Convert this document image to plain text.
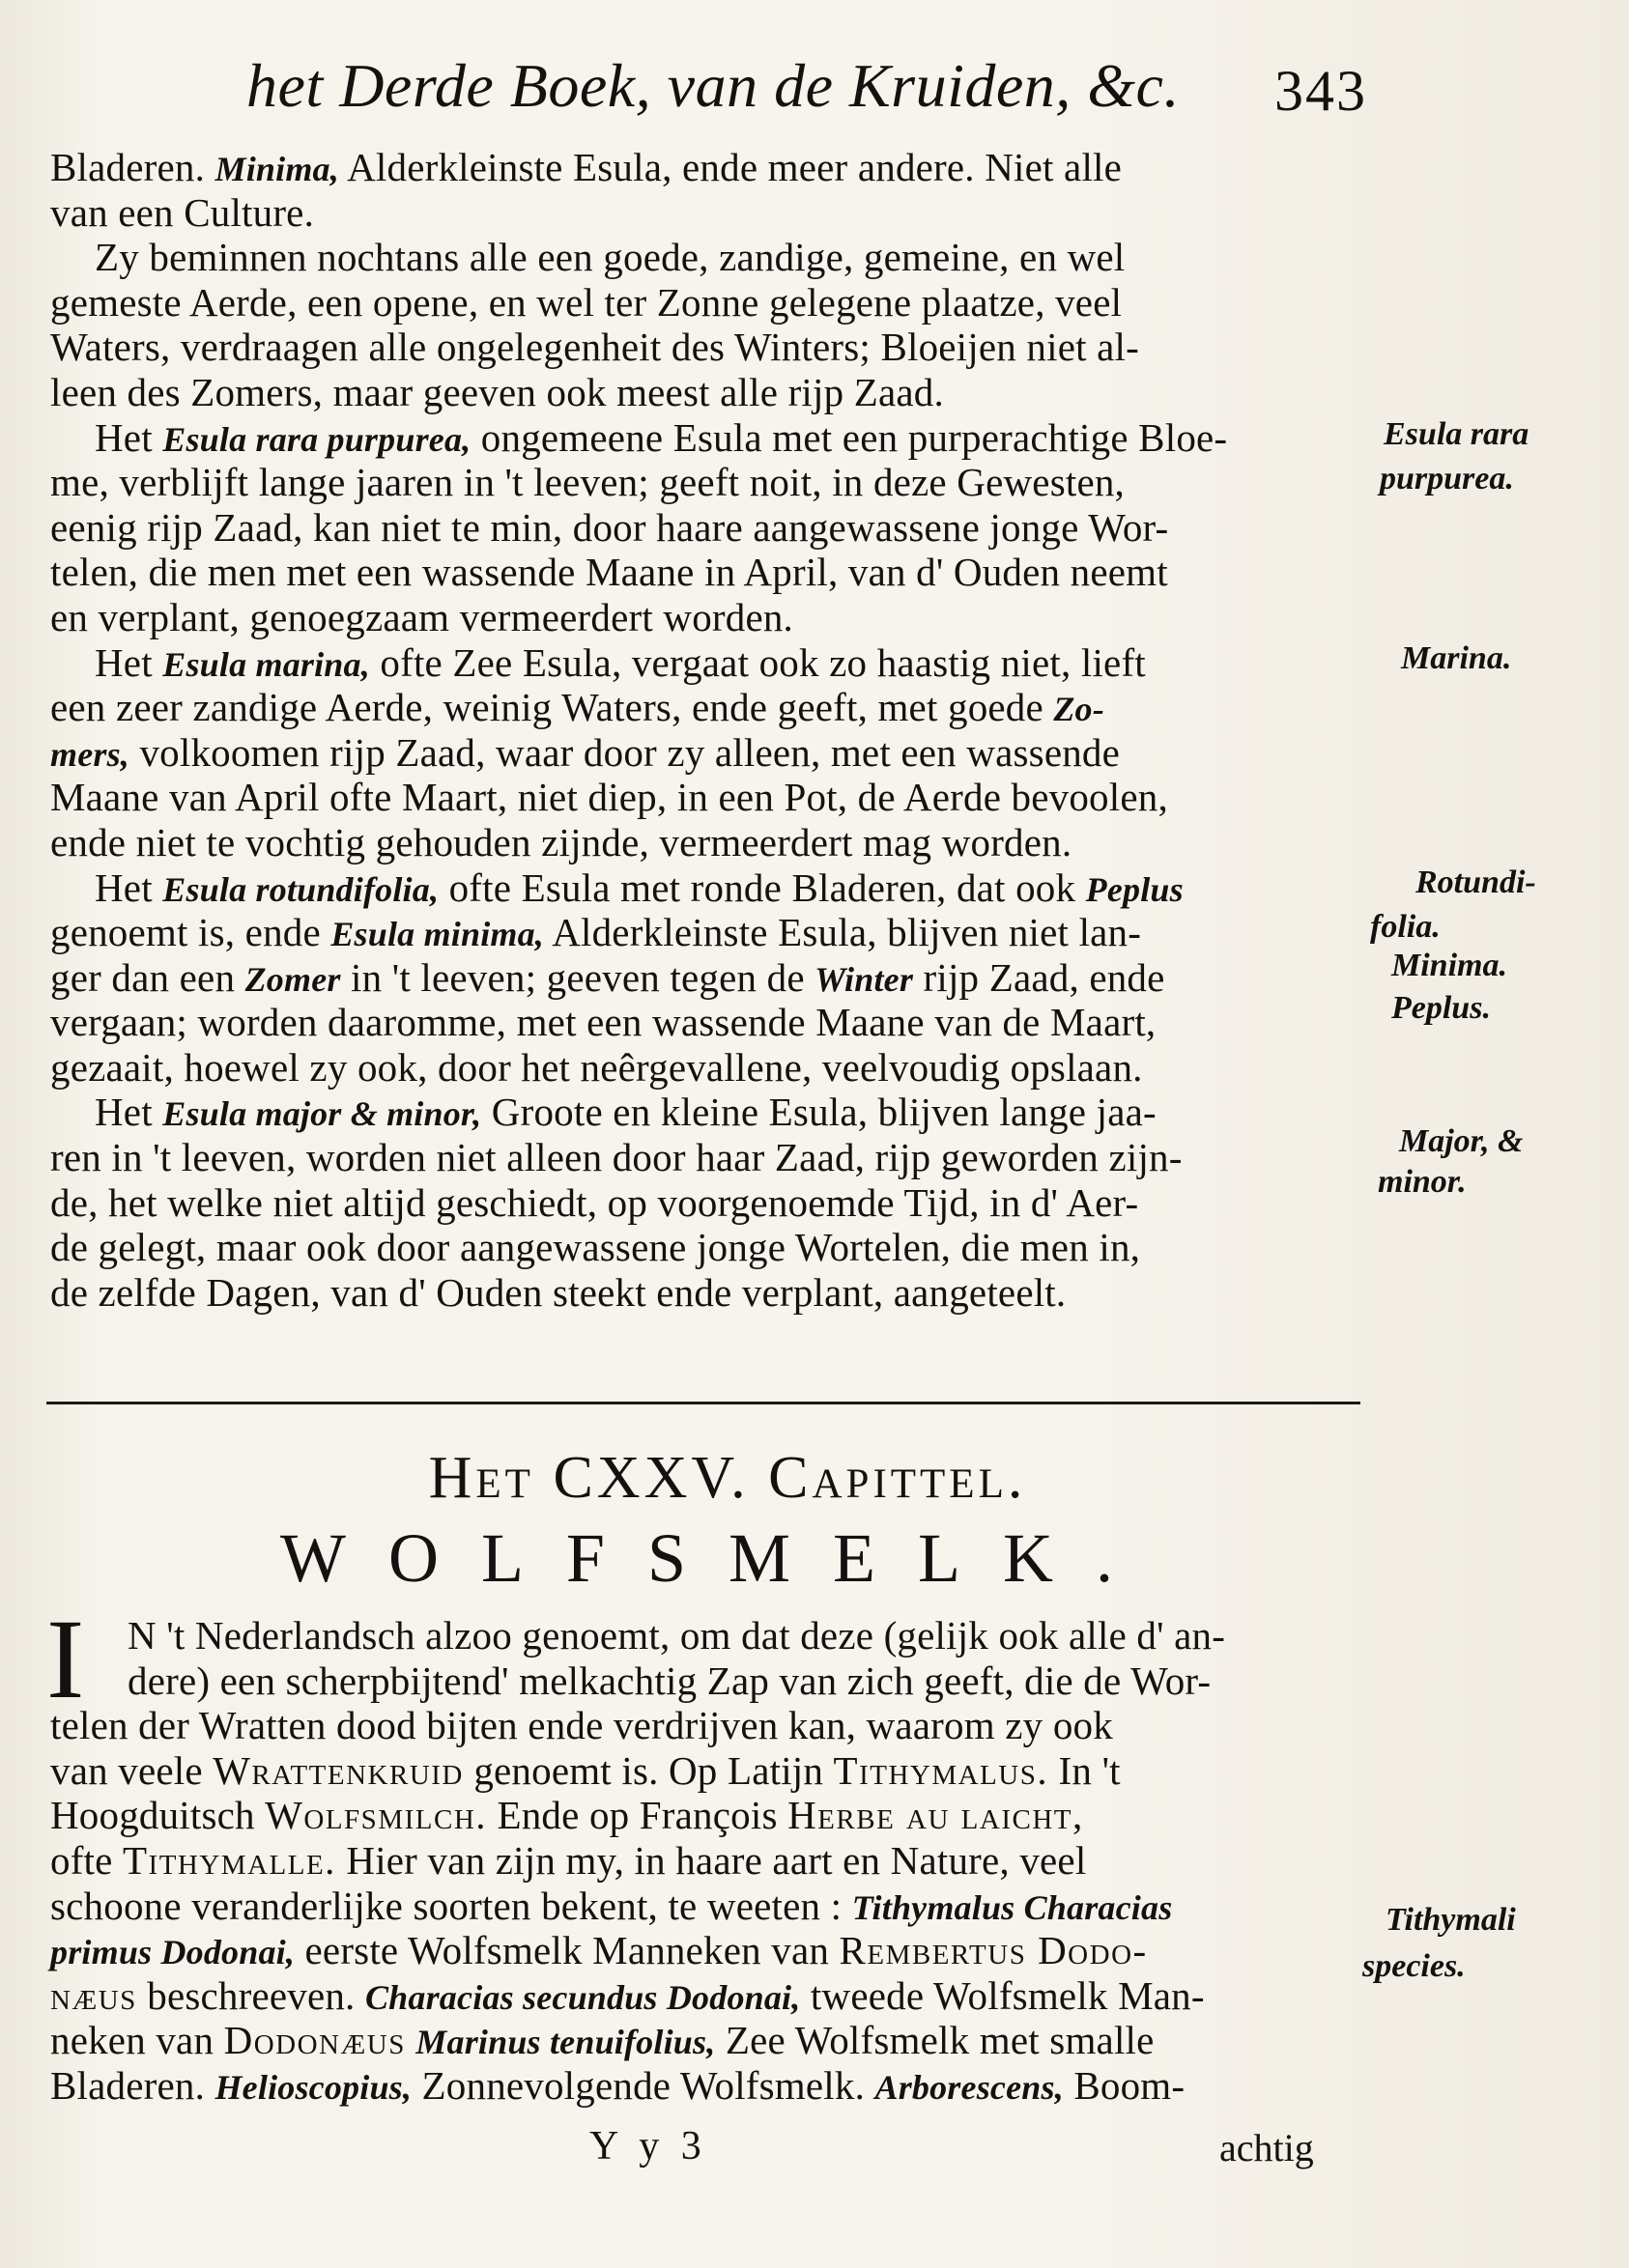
het Derde Boek, van de Kruiden, &c. 343
Bladeren. Minima, Alderkleinste Esula, ende meer andere. Niet alle
van een Culture.
Zy beminnen nochtans alle een goede, zandige, gemeine, en wel
gemeste Aerde, een opene, en wel ter Zonne gelegene plaatze, veel
Waters, verdraagen alle ongelegenheit des Winters; Bloeijen niet al-
leen des Zomers, maar geeven ook meest alle rijp Zaad.
Het Esula rara purpurea, ongemeene Esula met een purperachtige Bloe-
me, verblijft lange jaaren in 't leeven; geeft noit, in deze Gewesten,
eenig rijp Zaad, kan niet te min, door haare aangewassene jonge Wor-
telen, die men met een wassende Maane in April, van d' Ouden neemt
en verplant, genoegzaam vermeerdert worden.
Het Esula marina, ofte Zee Esula, vergaat ook zo haastig niet, lieft
een zeer zandige Aerde, weinig Waters, ende geeft, met goede Zo-
mers, volkoomen rijp Zaad, waar door zy alleen, met een wassende
Maane van April ofte Maart, niet diep, in een Pot, de Aerde bevoolen,
ende niet te vochtig gehouden zijnde, vermeerdert mag worden.
Het Esula rotundifolia, ofte Esula met ronde Bladeren, dat ook Peplus
genoemt is, ende Esula minima, Alderkleinste Esula, blijven niet lan-
ger dan een Zomer in 't leeven; geeven tegen de Winter rijp Zaad, ende
vergaan; worden daaromme, met een wassende Maane van de Maart,
gezaait, hoewel zy ook, door het neêrgevallene, veelvoudig opslaan.
Het Esula major & minor, Groote en kleine Esula, blijven lange jaa-
ren in 't leeven, worden niet alleen door haar Zaad, rijp geworden zijn-
de, het welke niet altijd geschiedt, op voorgenoemde Tijd, in d' Aer-
de gelegt, maar ook door aangewassene jonge Wortelen, die men in,
de zelfde Dagen, van d' Ouden steekt ende verplant, aangeteelt.
Esula rara
purpurea.
Marina.
Rotundi-
folia.
Minima.
Peplus.
Major, &
minor.
Tithymali
species.
Het CXXV. Capittel.
WOLFSMELK.
I	N 't Nederlandsch alzoo genoemt, om dat deze (gelijk ook alle d' an-
dere) een scherpbijtend' melkachtig Zap van zich geeft, die de Wor-
telen der Wratten dood bijten ende verdrijven kan, waarom zy ook
van veele Wrattenkruid genoemt is. Op Latijn Tithymalus. In 't
Hoogduitsch Wolfsmilch. Ende op François Herbe au laicht,
ofte Tithymalle. Hier van zijn my, in haare aart en Nature, veel
schoone veranderlijke soorten bekent, te weeten : Tithymalus Characias
primus Dodonai, eerste Wolfsmelk Manneken van Rembertus Dodo-
næus beschreeven. Characias secundus Dodonai, tweede Wolfsmelk Man-
neken van Dodonæus Marinus tenuifolius, Zee Wolfsmelk met smalle
Bladeren. Helioscopius, Zonnevolgende Wolfsmelk. Arborescens, Boom-
Y y 3	achtig
